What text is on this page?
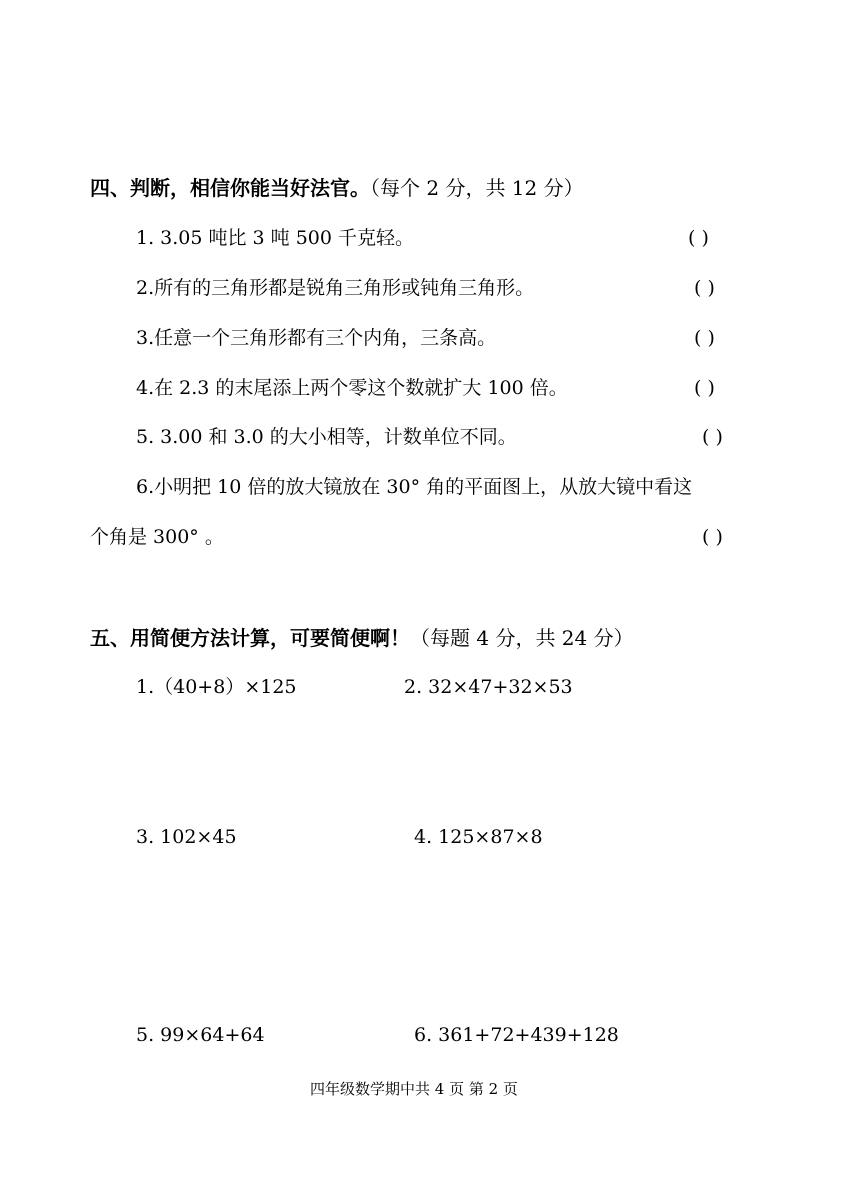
四、判断，相信你能当好法官。（每个 2 分，共 12 分）
1. 3.05 吨比 3 吨 500 千克轻。	( )
2.所有的三角形都是锐角三角形或钝角三角形。	( )
3.任意一个三角形都有三个内角，三条高。	( )
4.在 2.3 的末尾添上两个零这个数就扩大 100 倍。	( )
5. 3.00 和 3.0 的大小相等，计数单位不同。	( )
6.小明把 10 倍的放大镜放在 30° 角的平面图上，从放大镜中看这
个角是 300° 。	( )
五、用简便方法计算，可要简便啊！（每题 4 分，共 24 分）
1.（40+8）×125	2. 32×47+32×53
3. 102×45	4. 125×87×8
5. 99×64+64	6. 361+72+439+128
四年级数学期中共 4 页 第 2 页
